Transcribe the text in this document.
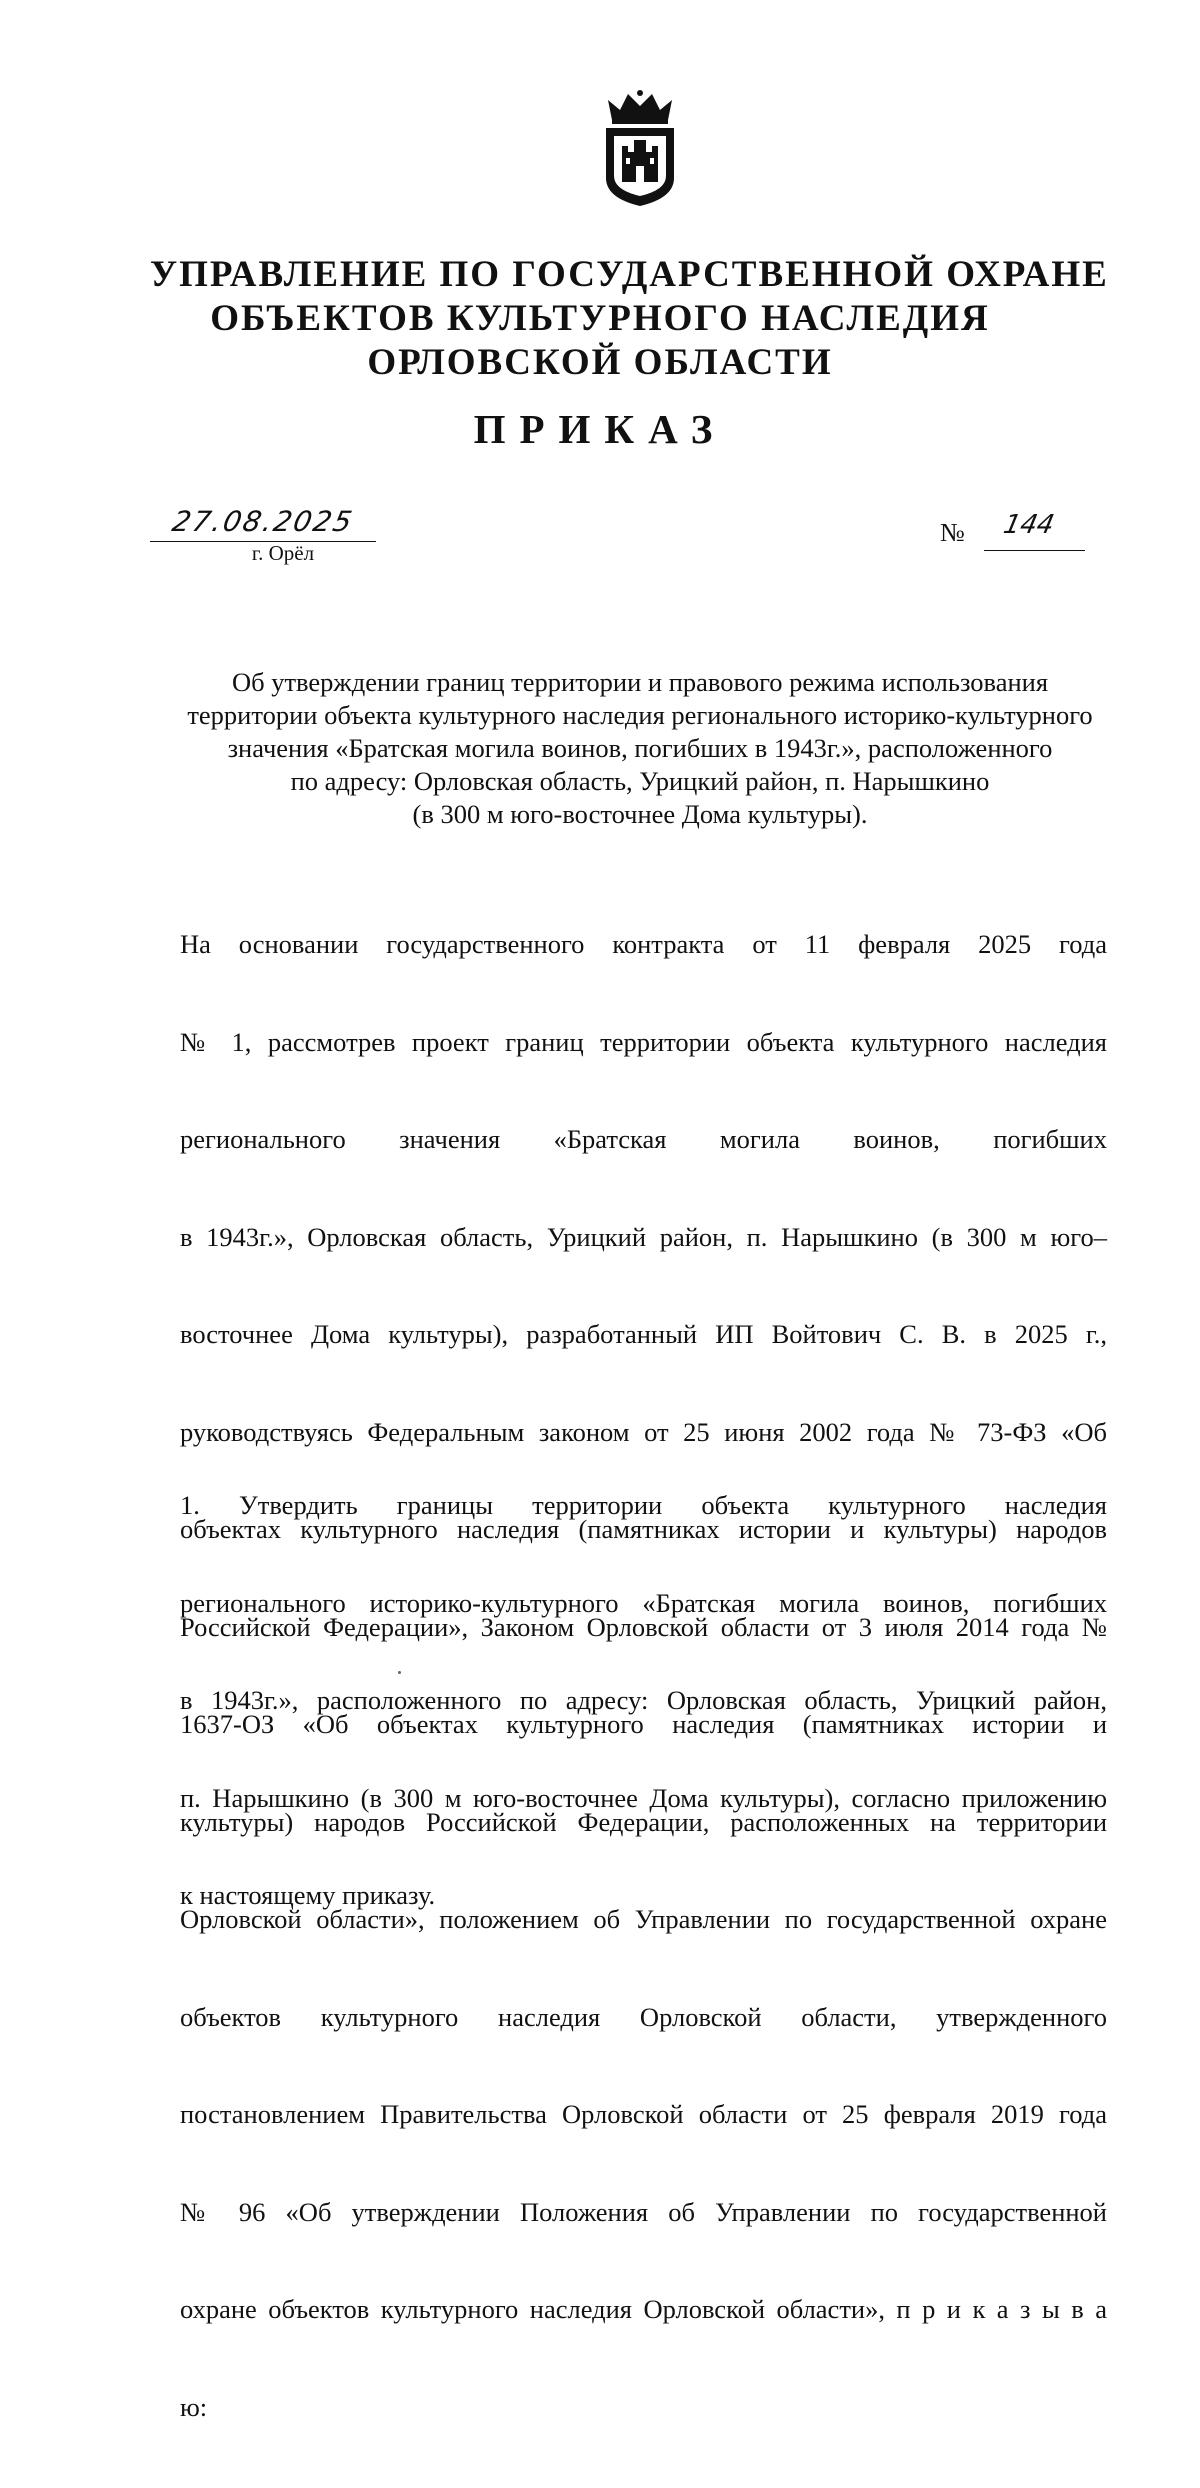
УПРАВЛЕНИЕ ПО ГОСУДАРСТВЕННОЙ ОХРАНЕ
ОБЪЕКТОВ КУЛЬТУРНОГО НАСЛЕДИЯ
ОРЛОВСКОЙ ОБЛАСТИ
ПРИКАЗ
27.08.2025
г. Орёл
№ 144
Об утверждении границ территории и правового режима использования
территории объекта культурного наследия регионального историко-культурного
значения «Братская могила воинов, погибших в 1943г.», расположенного
по адресу: Орловская область, Урицкий район, п. Нарышкино
(в 300 м юго-восточнее Дома культуры).

На основании государственного контракта от 11 февраля 2025 года

№ 1, рассмотрев проект границ территории объекта культурного наследия

регионального значения «Братская могила воинов, погибших

в 1943г.», Орловская область, Урицкий район, п. Нарышкино (в 300 м юго–

восточнее Дома культуры), разработанный ИП Войтович С. В. в 2025 г.,

руководствуясь Федеральным законом от 25 июня 2002 года № 73-ФЗ «Об

объектах культурного наследия (памятниках истории и культуры) народов

Российской Федерации», Законом Орловской области от 3 июля 2014 года №

1637-ОЗ «Об объектах культурного наследия (памятниках истории и

культуры) народов Российской Федерации, расположенных на территории

Орловской области», положением об Управлении по государственной охране

объектов культурного наследия Орловской области, утвержденного

постановлением Правительства Орловской области от 25 февраля 2019 года

№ 96 «Об утверждении Положения об Управлении по государственной

охране объектов культурного наследия Орловской области», п р и к а з ы в а

ю:

1. Утвердить границы территории объекта культурного наследия

регионального историко-культурного «Братская могила воинов, погибших

в 1943г.», расположенного по адресу: Орловская область, Урицкий район,

п. Нарышкино (в 300 м юго-восточнее Дома культуры), согласно приложению

к настоящему приказу.
